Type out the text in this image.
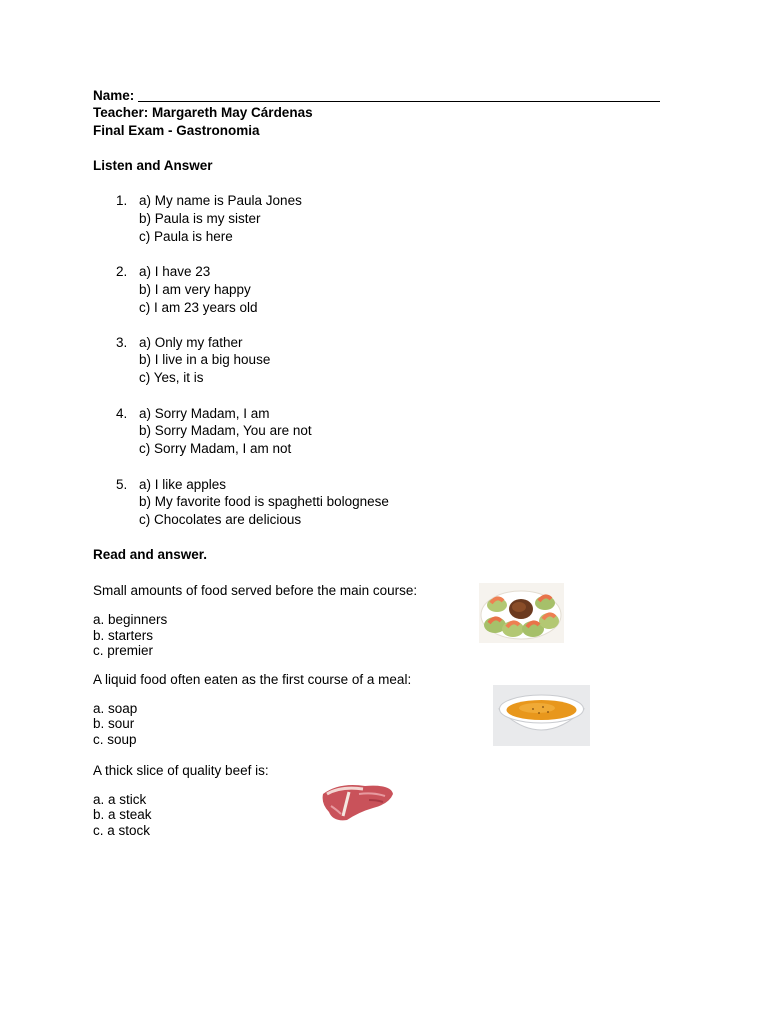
Name:
Teacher: Margareth May Cárdenas
Final Exam - Gastronomia
Listen and Answer
1. a) My name is Paula Jones
b) Paula is my sister
c) Paula is here
2. a) I have 23
b) I am very happy
c) I am 23 years old
3. a) Only my father
b) I live in a big house
c) Yes, it is
4. a) Sorry Madam, I am
b) Sorry Madam, You are not
c) Sorry Madam, I am not
5. a) I like apples
b) My favorite food is spaghetti bolognese
c) Chocolates are delicious
Read and answer.
Small amounts of food served before the main course:
a. beginners
b. starters
c. premier
A liquid food often eaten as the first course of a meal:
a. soap
b. sour
c. soup
A thick slice of quality beef is:
a. a stick
b. a steak
c. a stock
